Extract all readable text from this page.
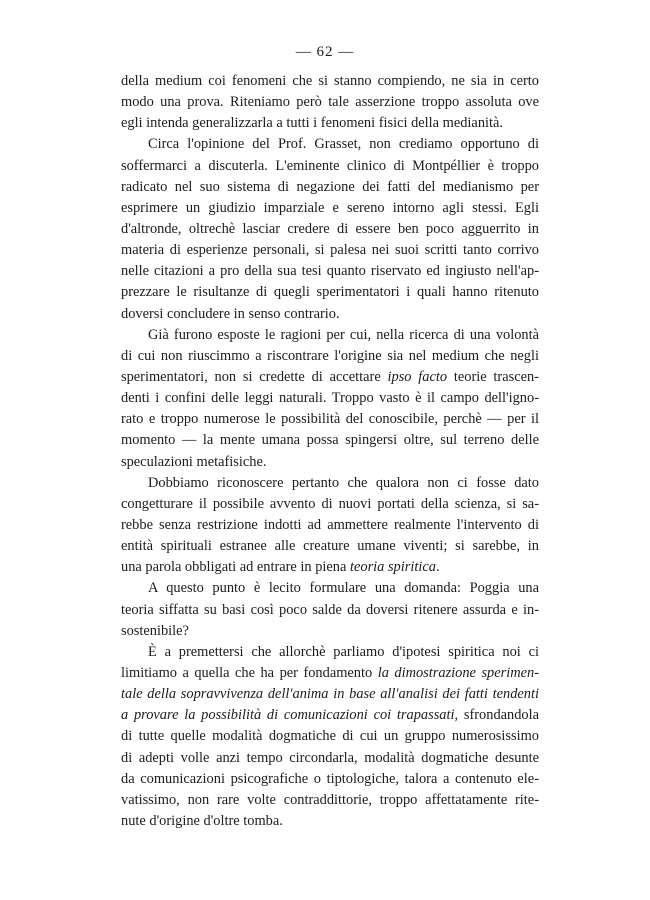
— 62 —

della medium coi fenomeni che si stanno compiendo, ne sia in certo
modo una prova. Riteniamo però tale asserzione troppo assoluta ove
egli intenda generalizzarla a tutti i fenomeni fisici della medianità.

Circa l'opinione del Prof. Grasset, non crediamo opportuno di
soffermarci a discuterla. L'eminente clinico di Montpéllier è troppo
radicato nel suo sistema di negazione dei fatti del medianismo per
esprimere un giudizio imparziale e sereno intorno agli stessi. Egli
d'altronde, oltrechè lasciar credere di essere ben poco agguerrito in
materia di esperienze personali, si palesa nei suoi scritti tanto corrivo
nelle citazioni a pro della sua tesi quanto riservato ed ingiusto nell'ap-
prezzare le risultanze di quegli sperimentatori i quali hanno ritenuto
doversi concludere in senso contrario.

Già furono esposte le ragioni per cui, nella ricerca di una volontà
di cui non riuscimmo a riscontrare l'origine sia nel medium che negli
sperimentatori, non si credette di accettare ipso facto teorie trascen-
denti i confini delle leggi naturali. Troppo vasto è il campo dell'igno-
rato e troppo numerose le possibilità del conoscibile, perchè — per il
momento — la mente umana possa spingersi oltre, sul terreno delle
speculazioni metafisiche.

Dobbiamo riconoscere pertanto che qualora non ci fosse dato
congetturare il possibile avvento di nuovi portati della scienza, si sa-
rebbe senza restrizione indotti ad ammettere realmente l'intervento di
entità spirituali estranee alle creature umane viventi; si sarebbe, in
una parola obbligati ad entrare in piena teoria spiritica.

A questo punto è lecito formulare una domanda: Poggia una
teoria siffatta su basi così poco salde da doversi ritenere assurda e in-
sostenibile?

È a premettersi che allorchè parliamo d'ipotesi spiritica noi ci
limitiamo a quella che ha per fondamento la dimostrazione sperimen-
tale della sopravvivenza dell'anima in base all'analisi dei fatti tendenti
a provare la possibilità di comunicazioni coi trapassati, sfrondandola
di tutte quelle modalità dogmatiche di cui un gruppo numerosissimo
di adepti volle anzi tempo circondarla, modalità dogmatiche desunte
da comunicazioni psicografiche o tiptologiche, talora a contenuto ele-
vatissimo, non rare volte contraddittorie, troppo affettatamente rite-
nute d'origine d'oltre tomba.
